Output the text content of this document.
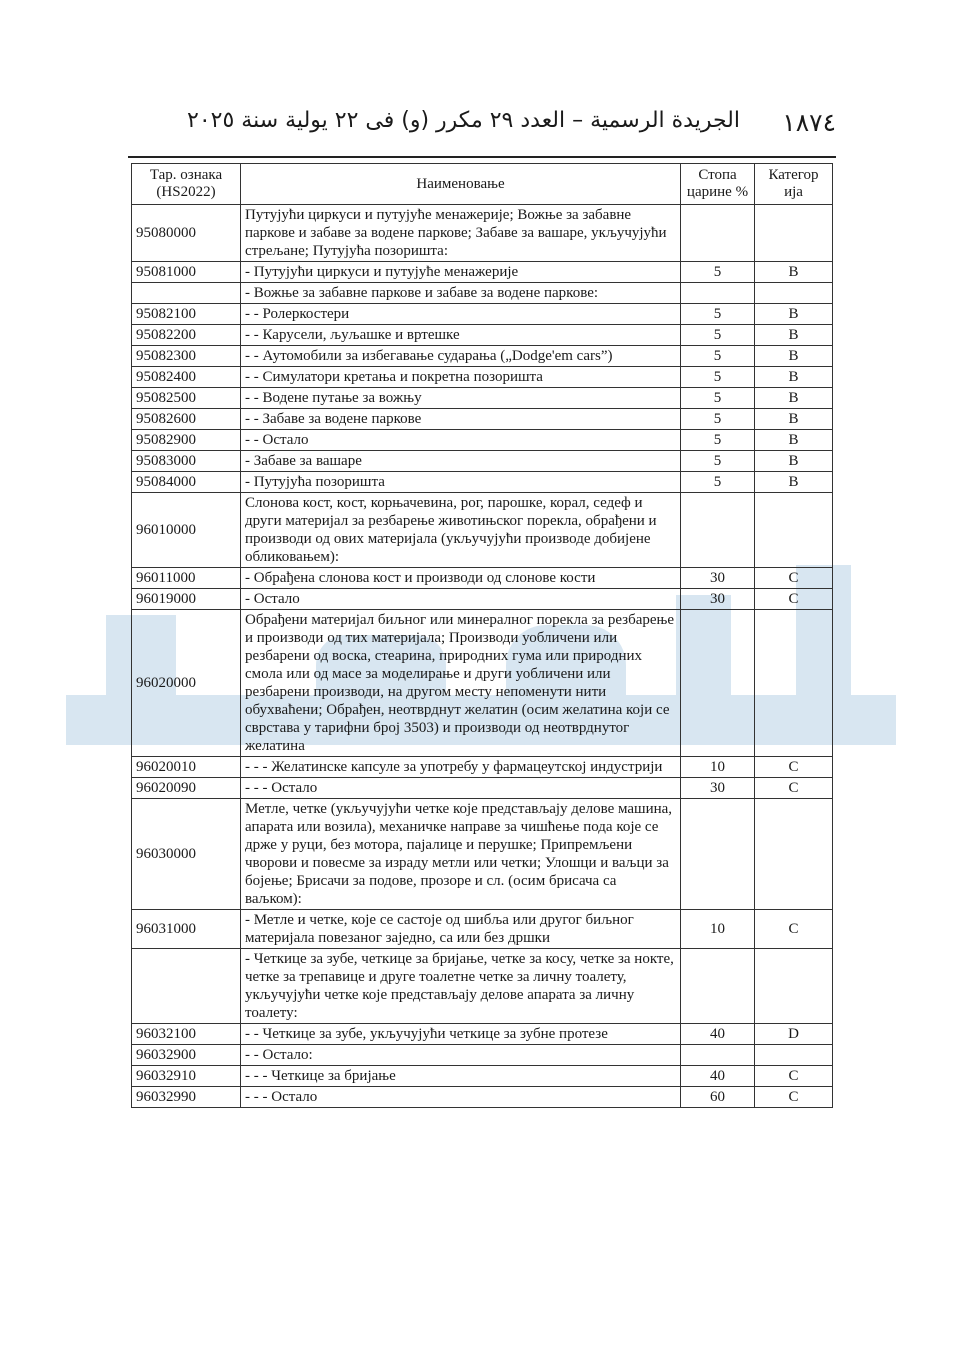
١٨٧٤
الجريدة الرسمية – العدد ٢٩ مكرر (و) فى ٢٢ يولية سنة ٢٠٢٥
Тар. ознака (HS2022)	Наименовање	Стопа царине %	Категор ија
95080000	Путујући циркуси и путујуће менажерије; Вожње за забавне паркове и забаве за водене паркове; Забаве за вашаре, укључујући стрељане; Путујућа позоришта:		
95081000	- Путујући циркуси и путујуће менажерије	5	B
	- Вожње за забавне паркове и забаве за водене паркове:		
95082100	- - Ролеркостери	5	B
95082200	- - Карусели, љуљашке и вртешке	5	B
95082300	- - Аутомобили за избегавање сударања („Dodge'em cars”)	5	B
95082400	- - Симулатори кретања и покретна позоришта	5	B
95082500	- - Водене путање за вожњу	5	B
95082600	- - Забаве за водене паркове	5	B
95082900	- - Остало	5	B
95083000	- Забаве за вашаре	5	B
95084000	- Путујућа позоришта	5	B
96010000	Слонова кост, кост, корњачевина, рог, парошке, корал, седеф и други материјал за резбарење животињског порекла, обрађени и производи од ових материјала (укључујући производе добијене обликовањем):		
96011000	- Обрађена слонова кост и производи од слонове кости	30	C
96019000	- Остало	30	C
96020000	Обрађени материјал биљног или минералног порекла за резбарење и производи од тих материјала; Производи уобличени или резбарени од воска, стеарина, природних гума или природних смола или од масе за моделирање и други уобличени или резбарени производи, на другом месту непоменути нити обухваћени; Обрађен, неотврднут желатин (осим желатина који се сврстава у тарифни број 3503) и производи од неотврднутог желатина		
96020010	- - - Желатинске капсуле за употребу у фармацеутској индустрији	10	C
96020090	- - - Остало	30	C
96030000	Метле, четке (укључујући четке које представљају делове машина, апарата или возила), механичке направе за чишћење пода које се држе у руци, без мотора, пајалице и перушке; Припремљени чворови и повесме за израду метли или четки; Улошци и ваљци за бојење; Брисачи за подове, прозоре и сл. (осим брисача са ваљком):		
96031000	- Метле и четке, које се састоје од шибља или другог биљног материјала повезаног заједно, са или без дршки	10	C
	- Четкице за зубе, четкице за бријање, четке за косу, четке за нокте, четке за трепавице и друге тоалетне четке за личну тоалету, укључујући четке које представљају делове апарата за личну тоалету:		
96032100	- - Четкице за зубе, укључујући четкице за зубне протезе	40	D
96032900	- - Остало:		
96032910	- - - Четкице за бријање	40	C
96032990	- - - Остало	60	C
